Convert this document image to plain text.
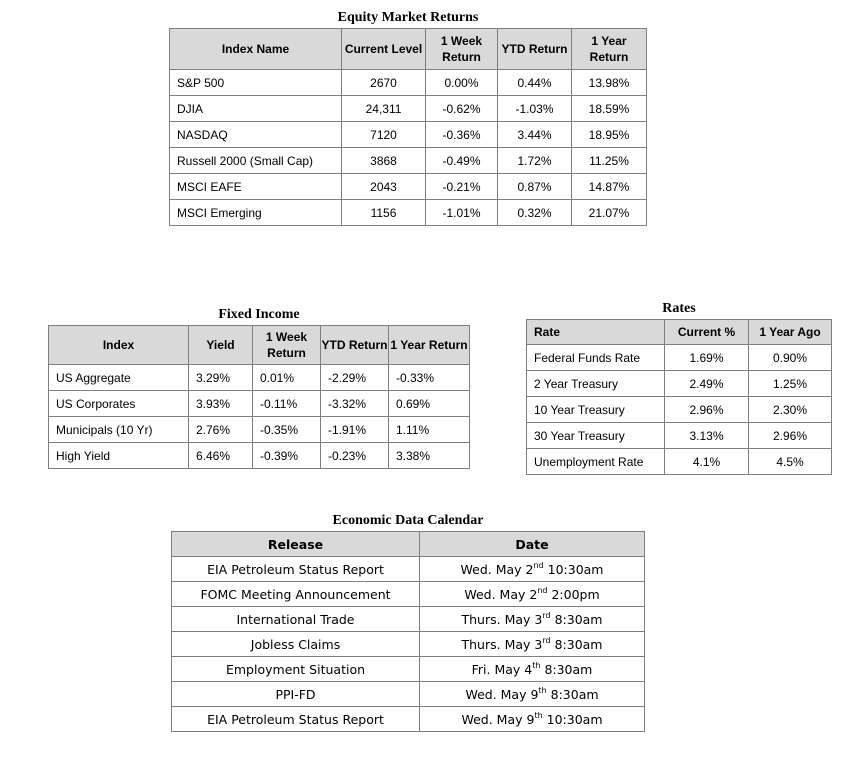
Equity Market Returns
Index Name	Current Level	1 Week Return	YTD Return	1 Year Return
S&P 500	2670	0.00%	0.44%	13.98%
DJIA	24,311	-0.62%	-1.03%	18.59%
NASDAQ	7120	-0.36%	3.44%	18.95%
Russell 2000 (Small Cap)	3868	-0.49%	1.72%	11.25%
MSCI EAFE	2043	-0.21%	0.87%	14.87%
MSCI Emerging	1156	-1.01%	0.32%	21.07%
Fixed Income
Index	Yield	1 Week Return	YTD Return	1 Year Return
US Aggregate	3.29%	0.01%	-2.29%	-0.33%
US Corporates	3.93%	-0.11%	-3.32%	0.69%
Municipals (10 Yr)	2.76%	-0.35%	-1.91%	1.11%
High Yield	6.46%	-0.39%	-0.23%	3.38%
Rates
Rate	Current %	1 Year Ago
Federal Funds Rate	1.69%	0.90%
2 Year Treasury	2.49%	1.25%
10 Year Treasury	2.96%	2.30%
30 Year Treasury	3.13%	2.96%
Unemployment Rate	4.1%	4.5%
Economic Data Calendar
Release	Date
EIA Petroleum Status Report	Wed. May 2nd 10:30am
FOMC Meeting Announcement	Wed. May 2nd 2:00pm
International Trade	Thurs. May 3rd 8:30am
Jobless Claims	Thurs. May 3rd 8:30am
Employment Situation	Fri. May 4th 8:30am
PPI-FD	Wed. May 9th 8:30am
EIA Petroleum Status Report	Wed. May 9th 10:30am
